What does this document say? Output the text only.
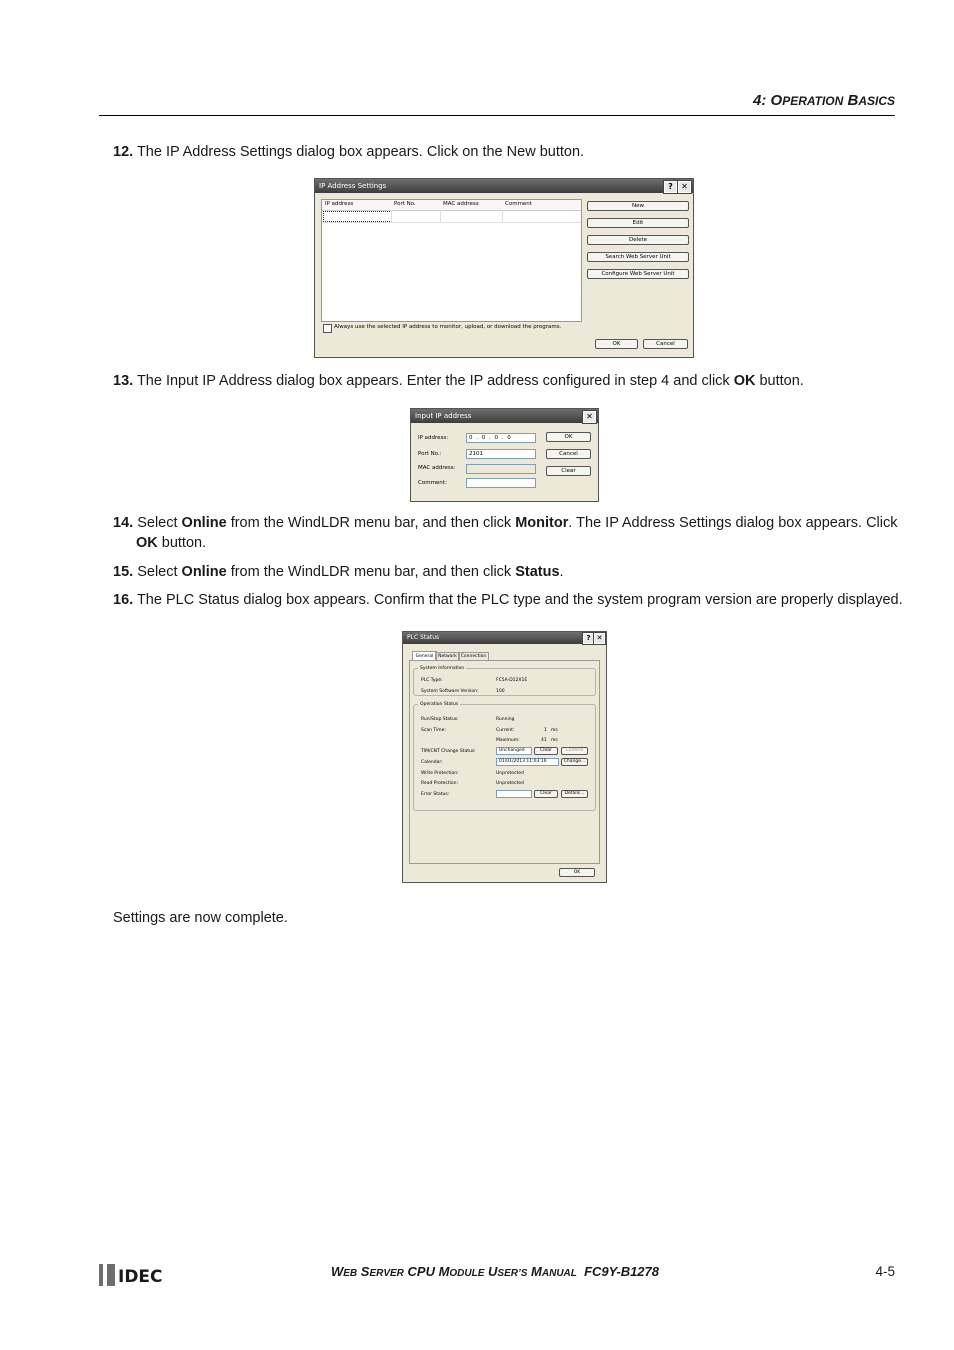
4: OPERATION BASICS
12. The IP Address Settings dialog box appears. Click on the New button.
IP Address Settings	?	✕
IP address	Port No.	MAC address	Comment	New
Edit
Delete
Search Web Server Unit
Configure Web Server Unit
Always use the selected IP address to monitor, upload, or download the programs.
OK	Cancel
13. The Input IP Address dialog box appears. Enter the IP address configured in step 4 and click OK button.
Input IP address	✕
IP address:	0 . 0 . 0 . 0
Port No.:	2101
MAC address:
Comment:
OK
Cancel
Clear
14. Select Online from the WindLDR menu bar, and then click Monitor. The IP Address Settings dialog box appears. Click
OK button.
15. Select Online from the WindLDR menu bar, and then click Status.
16. The PLC Status dialog box appears. Confirm that the PLC type and the system program version are properly displayed.
PLC Status	? ✕
General	Network Connection
System Information
PLC Type:	FC5A-D12X1E
System Software Version:	100
Operation Status
Run/Stop Status:	Running
Scan Time:	Current:	1 ms
Maximum:	41 ms
TIM/CNT Change Status:	Unchanged	Clear	Confirm
Calendar:	01/01/2013 11:03:16	Change...
Write Protection:	Unprotected
Read Protection:	Unprotected
Error Status:	Clear	Details...
OK
Settings are now complete.
IDEC	WEB SERVER CPU MODULE USER’S MANUAL  FC9Y-B1278	4-5
